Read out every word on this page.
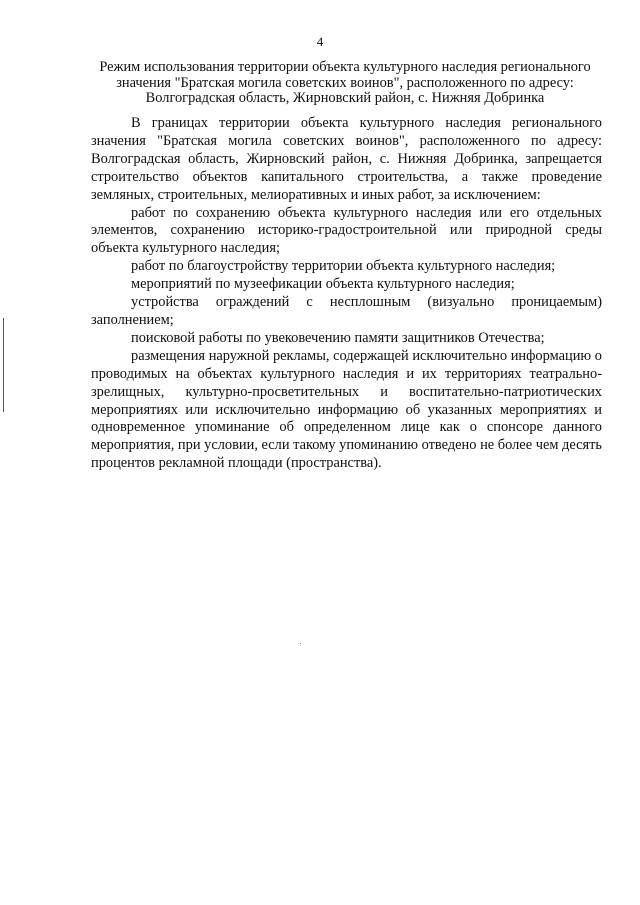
4
Режим использования территории объекта культурного наследия регионального значения "Братская могила советских воинов", расположенного по адресу: Волгоградская область, Жирновский район, с. Нижняя Добринка

В границах территории объекта культурного наследия регионального значения "Братская могила советских воинов", расположенного по адресу: Волгоградская область, Жирновский район, с. Нижняя Добринка, запрещается строительство объектов капитального строительства, а также проведение земляных, строительных, мелиоративных и иных работ, за исключением:

работ по сохранению объекта культурного наследия или его отдельных элементов, сохранению историко-градостроительной или природной среды объекта культурного наследия;

работ по благоустройству территории объекта культурного наследия;

мероприятий по музеефикации объекта культурного наследия;

устройства ограждений с несплошным (визуально проницаемым) заполнением;

поисковой работы по увековечению памяти защитников Отечества;

размещения наружной рекламы, содержащей исключительно информацию о проводимых на объектах культурного наследия и их территориях театрально-зрелищных, культурно-просветительных и воспитательно-патриотических мероприятиях или исключительно информацию об указанных мероприятиях и одновременное упоминание об определенном лице как о спонсоре данного мероприятия, при условии, если такому упоминанию отведено не более чем десять процентов рекламной площади (пространства).
